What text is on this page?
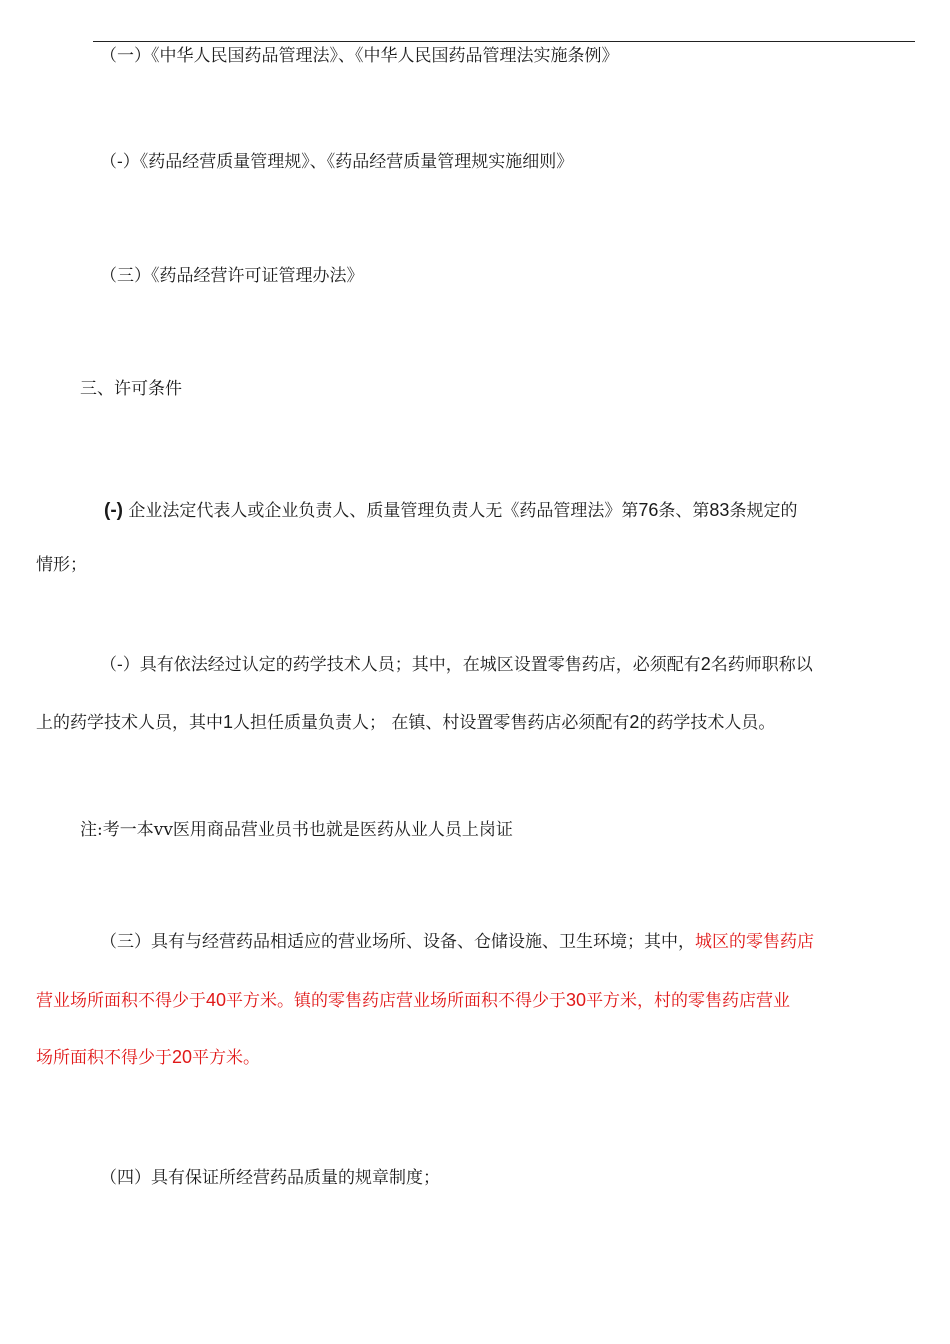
（一）《中华人民国药品管理法》、《中华人民国药品管理法实施条例》
（-）《药品经营质量管理规》、《药品经营质量管理规实施细则》
（三）《药品经营许可证管理办法》
三、许可条件
(-) 企业法定代表人或企业负责人、质量管理负责人无《药品管理法》第76条、第83条规定的
情形；
（-）具有依法经过认定的药学技术人员；其中，在城区设置零售药店，必须配有2名药师职称以
上的药学技术人员，其中1人担任质量负责人； 在镇、村设置零售药店必须配有2的药学技术人员。
注:考一本vv医用商品营业员书也就是医药从业人员上岗证
（三）具有与经营药品相适应的营业场所、设备、仓储设施、卫生环境；其中，城区的零售药店
营业场所面积不得少于40平方米。镇的零售药店营业场所面积不得少于30平方米，村的零售药店营业
场所面积不得少于20平方米。
（四）具有保证所经营药品质量的规章制度；
